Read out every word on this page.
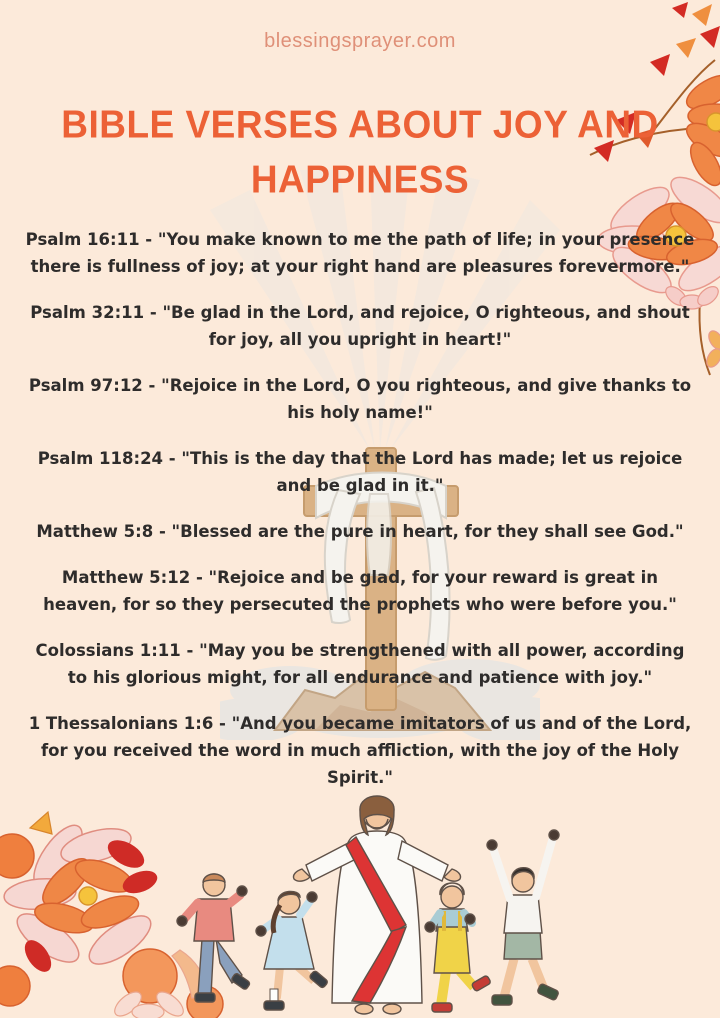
blessingsprayer.com
BIBLE VERSES ABOUT JOY AND HAPPINESS

Psalm 16:11 - "You make known to me the path of life; in your presence there is fullness of joy; at your right hand are pleasures forevermore."

Psalm 32:11 - "Be glad in the Lord, and rejoice, O righteous, and shout for joy, all you upright in heart!"

Psalm 97:12 - "Rejoice in the Lord, O you righteous, and give thanks to his holy name!"

Psalm 118:24 - "This is the day that the Lord has made; let us rejoice and be glad in it."

Matthew 5:8 - "Blessed are the pure in heart, for they shall see God."

Matthew 5:12 - "Rejoice and be glad, for your reward is great in heaven, for so they persecuted the prophets who were before you."

Colossians 1:11 - "May you be strengthened with all power, according to his glorious might, for all endurance and patience with joy."

1 Thessalonians 1:6 - "And you became imitators of us and of the Lord, for you received the word in much affliction, with the joy of the Holy Spirit."
